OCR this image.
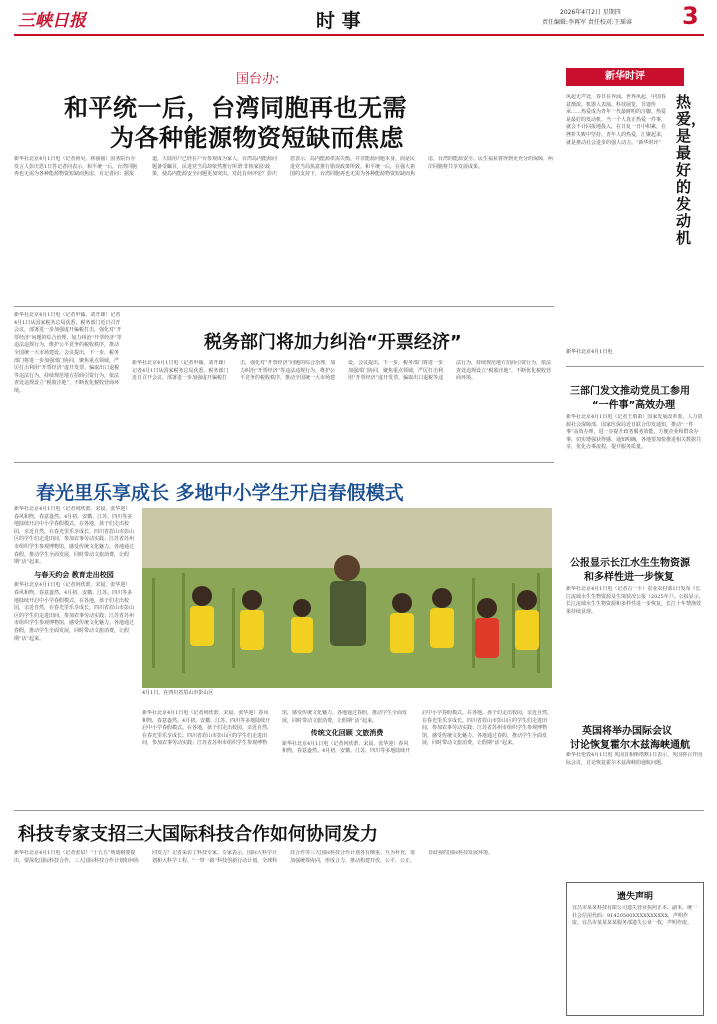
三峡日报	时 事	2026年4月2日 星期四
责任编辑:李再军 责任校对:王瑶睿 3
国台办:
和平统一后，台湾同胞再也无需
为各种能源物资短缺而焦虑
新华社北京4月1日电（记者何昊、林丽丽）国务院台办发言人彭庆恩1日答记者问表示，和平统一后，台湾同胞再也无需为各种能源物资短缺而焦虑。有记者问：据报道，大陆用户已经在户台参观成为家人，台湾岛内能源问题备受瞩目，民进党当局却依然推行所谓‘非核家园’政策，使岛内能源安全问题更加突出。对此有何评论？彭庆恩表示，岛内能源供需失衡，并非能源问题本身，而是民进党当局执意推行错误政策所致。和平统一后，在强大祖国的支持下，台湾同胞再也无需为各种能源物资短缺而焦虑，台湾的能源安全、民生福祉将得到更充分的保障，两岸同胞将共享发展成果。
新华社北京4月1日电（记者申铖、刘开雄）记者4月1日从国家税务总局获悉，税务部门近日召开会议，部署进一步加强虚开骗税打击，强化对“开票经济”问题的综合治理，加力纠治“开票经济”等违法违规行为，维护公平竞争的税收秩序，推动全国统一大市场建设。会议提出，下一步，税务部门将进一步加强部门协同，聚焦重点领域，严厉打击利用“开票经济”虚开发票、骗取出口退税等违法行为，持续规范地方招商引资行为，依法查处违规设立“税收洼地”，不断优化税收营商环境。
税务部门将加力纠治“开票经济”
新华社北京4月1日电（记者申铖、刘开雄）记者4月1日从国家税务总局获悉，税务部门近日召开会议，部署进一步加强虚开骗税打击，强化对“开票经济”问题的综合治理，加力纠治“开票经济”等违法违规行为，维护公平竞争的税收秩序，推动全国统一大市场建设。会议提出，下一步，税务部门将进一步加强部门协同，聚焦重点领域，严厉打击利用“开票经济”虚开发票、骗取出口退税等违法行为，持续规范地方招商引资行为，依法查处违规设立“税收洼地”，不断优化税收营商环境。
春光里乐享成长 多地中小学生开启春假模式
新华社北京4月1日电（记者何欣蕾、宋晨、张华迎）春风和煦，春意盎然。4月初，安徽、江苏、四川等多地陆续开启中小学春假模式。在各地，孩子们走出校园，亲近自然，在春光里乐享成长。四川省眉山市彭山区的学生们走进田间，参加农事劳动实践；江苏省苏州市组织学生参观博物馆，感受传统文化魅力。各地通过春假，推动学生全面发展，同时带动文旅消费，让假期“活”起来。
与春天约会 教育走出校园
新华社北京4月1日电（记者何欣蕾、宋晨、张华迎）春风和煦，春意盎然。4月初，安徽、江苏、四川等多地陆续开启中小学春假模式。在各地，孩子们走出校园，亲近自然，在春光里乐享成长。四川省眉山市彭山区的学生们走进田间，参加农事劳动实践；江苏省苏州市组织学生参观博物馆，感受传统文化魅力。各地通过春假，推动学生全面发展，同时带动文旅消费，让假期“活”起来。
4月1日，在四川省眉山市彭山区
新华社北京4月1日电（记者何欣蕾、宋晨、张华迎）春风和煦，春意盎然。4月初，安徽、江苏、四川等多地陆续开启中小学春假模式。在各地，孩子们走出校园，亲近自然，在春光里乐享成长。四川省眉山市彭山区的学生们走进田间，参加农事劳动实践；江苏省苏州市组织学生参观博物馆，感受传统文化魅力。各地通过春假，推动学生全面发展，同时带动文旅消费，让假期“活”起来。
传统文化回顾 文旅消费
新华社北京4月1日电（记者何欣蕾、宋晨、张华迎）春风和煦，春意盎然。4月初，安徽、江苏、四川等多地陆续开启中小学春假模式。在各地，孩子们走出校园，亲近自然，在春光里乐享成长。四川省眉山市彭山区的学生们走进田间，参加农事劳动实践；江苏省苏州市组织学生参观博物馆，感受传统文化魅力。各地通过春假，推动学生全面发展，同时带动文旅消费，让假期“活”起来。
新华时评
风起无声处，春日在奔涌。世界风起，中国春意渐浓。机器人表演、科技展览、非遗传承……热爱成为青年一代最鲜明的注脚。热爱是最好的发动机。当一个人真正热爱一件事，就会不计回报地投入，在日复一日中积累，在挫折失败中坚持。青年人的热爱，汇聚起来，就是推动社会进步的强大动力。“新华时评”
热爱，是最好的发动机
新华社北京4月1日电
三部门发文推动党员工参用
“一件事”高效办理
新华社北京4月1日电（记者王雨萧）国家发展改革委、人力资源社会保障部、国家医保局近日联合印发通知，推动“一件事”高效办理，进一步提升政务服务效能，方便企业和群众办事，切实增强获得感。通知明确，各地要加快推进相关数据共享，优化办事流程，提升服务质量。
公报显示长江水生生物资源
和多样性进一步恢复
新华社北京4月1日电（记者古一平）农业农村部1日发布《长江流域水生生物资源及生境状况公报（2025年）》。公报显示，长江流域水生生物资源和多样性进一步恢复，长江十年禁渔效果持续显现。
英国将举办国际会议
讨论恢复霍尔木兹海峡通航
新华社伦敦4月1日电 英国首相斯塔默1日表示，英国将召开国际会议，讨论恢复霍尔木兹海峡的通航问题。
科技专家支招三大国际科技合作如何协同发力
新华社北京4月1日电（记者张泉）“十五五”规划纲要提出，要深化国际科技合作。三大国际科技合作计划如何协同发力？记者采访了科技专家。专家表示，国际大科学计划和大科学工程、“一带一路”科技创新行动计划、全球科技合作等三大国际科技合作计划各有侧重、互为补充，要加强统筹协同，形成合力，推动构建开放、公平、公正、非歧视的国际科技发展环境。
遗失声明
宜昌市某某科技有限公司遗失营业执照正本、副本，统一社会信用代码：91420500XXXXXXXXXX，声明作废。宜昌市某某某某服务部遗失公章一枚，声明作废。
